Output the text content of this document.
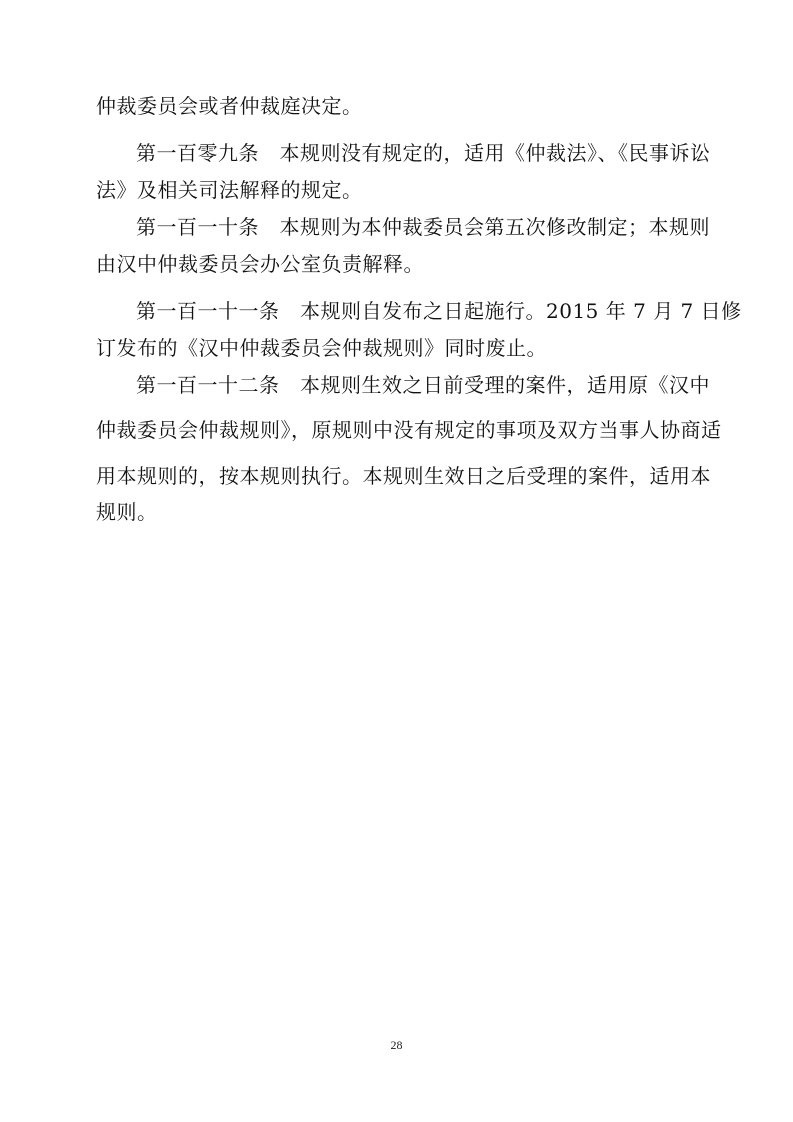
仲裁委员会或者仲裁庭决定。
第一百零九条　本规则没有规定的，适用《仲裁法》、《民事诉讼
法》及相关司法解释的规定。
第一百一十条　本规则为本仲裁委员会第五次修改制定；本规则
由汉中仲裁委员会办公室负责解释。
第一百一十一条　本规则自发布之日起施行。2015 年 7 月 7 日修
订发布的《汉中仲裁委员会仲裁规则》同时废止。
第一百一十二条　本规则生效之日前受理的案件，适用原《汉中
仲裁委员会仲裁规则》，原规则中没有规定的事项及双方当事人协商适
用本规则的，按本规则执行。本规则生效日之后受理的案件，适用本
规则。
28
